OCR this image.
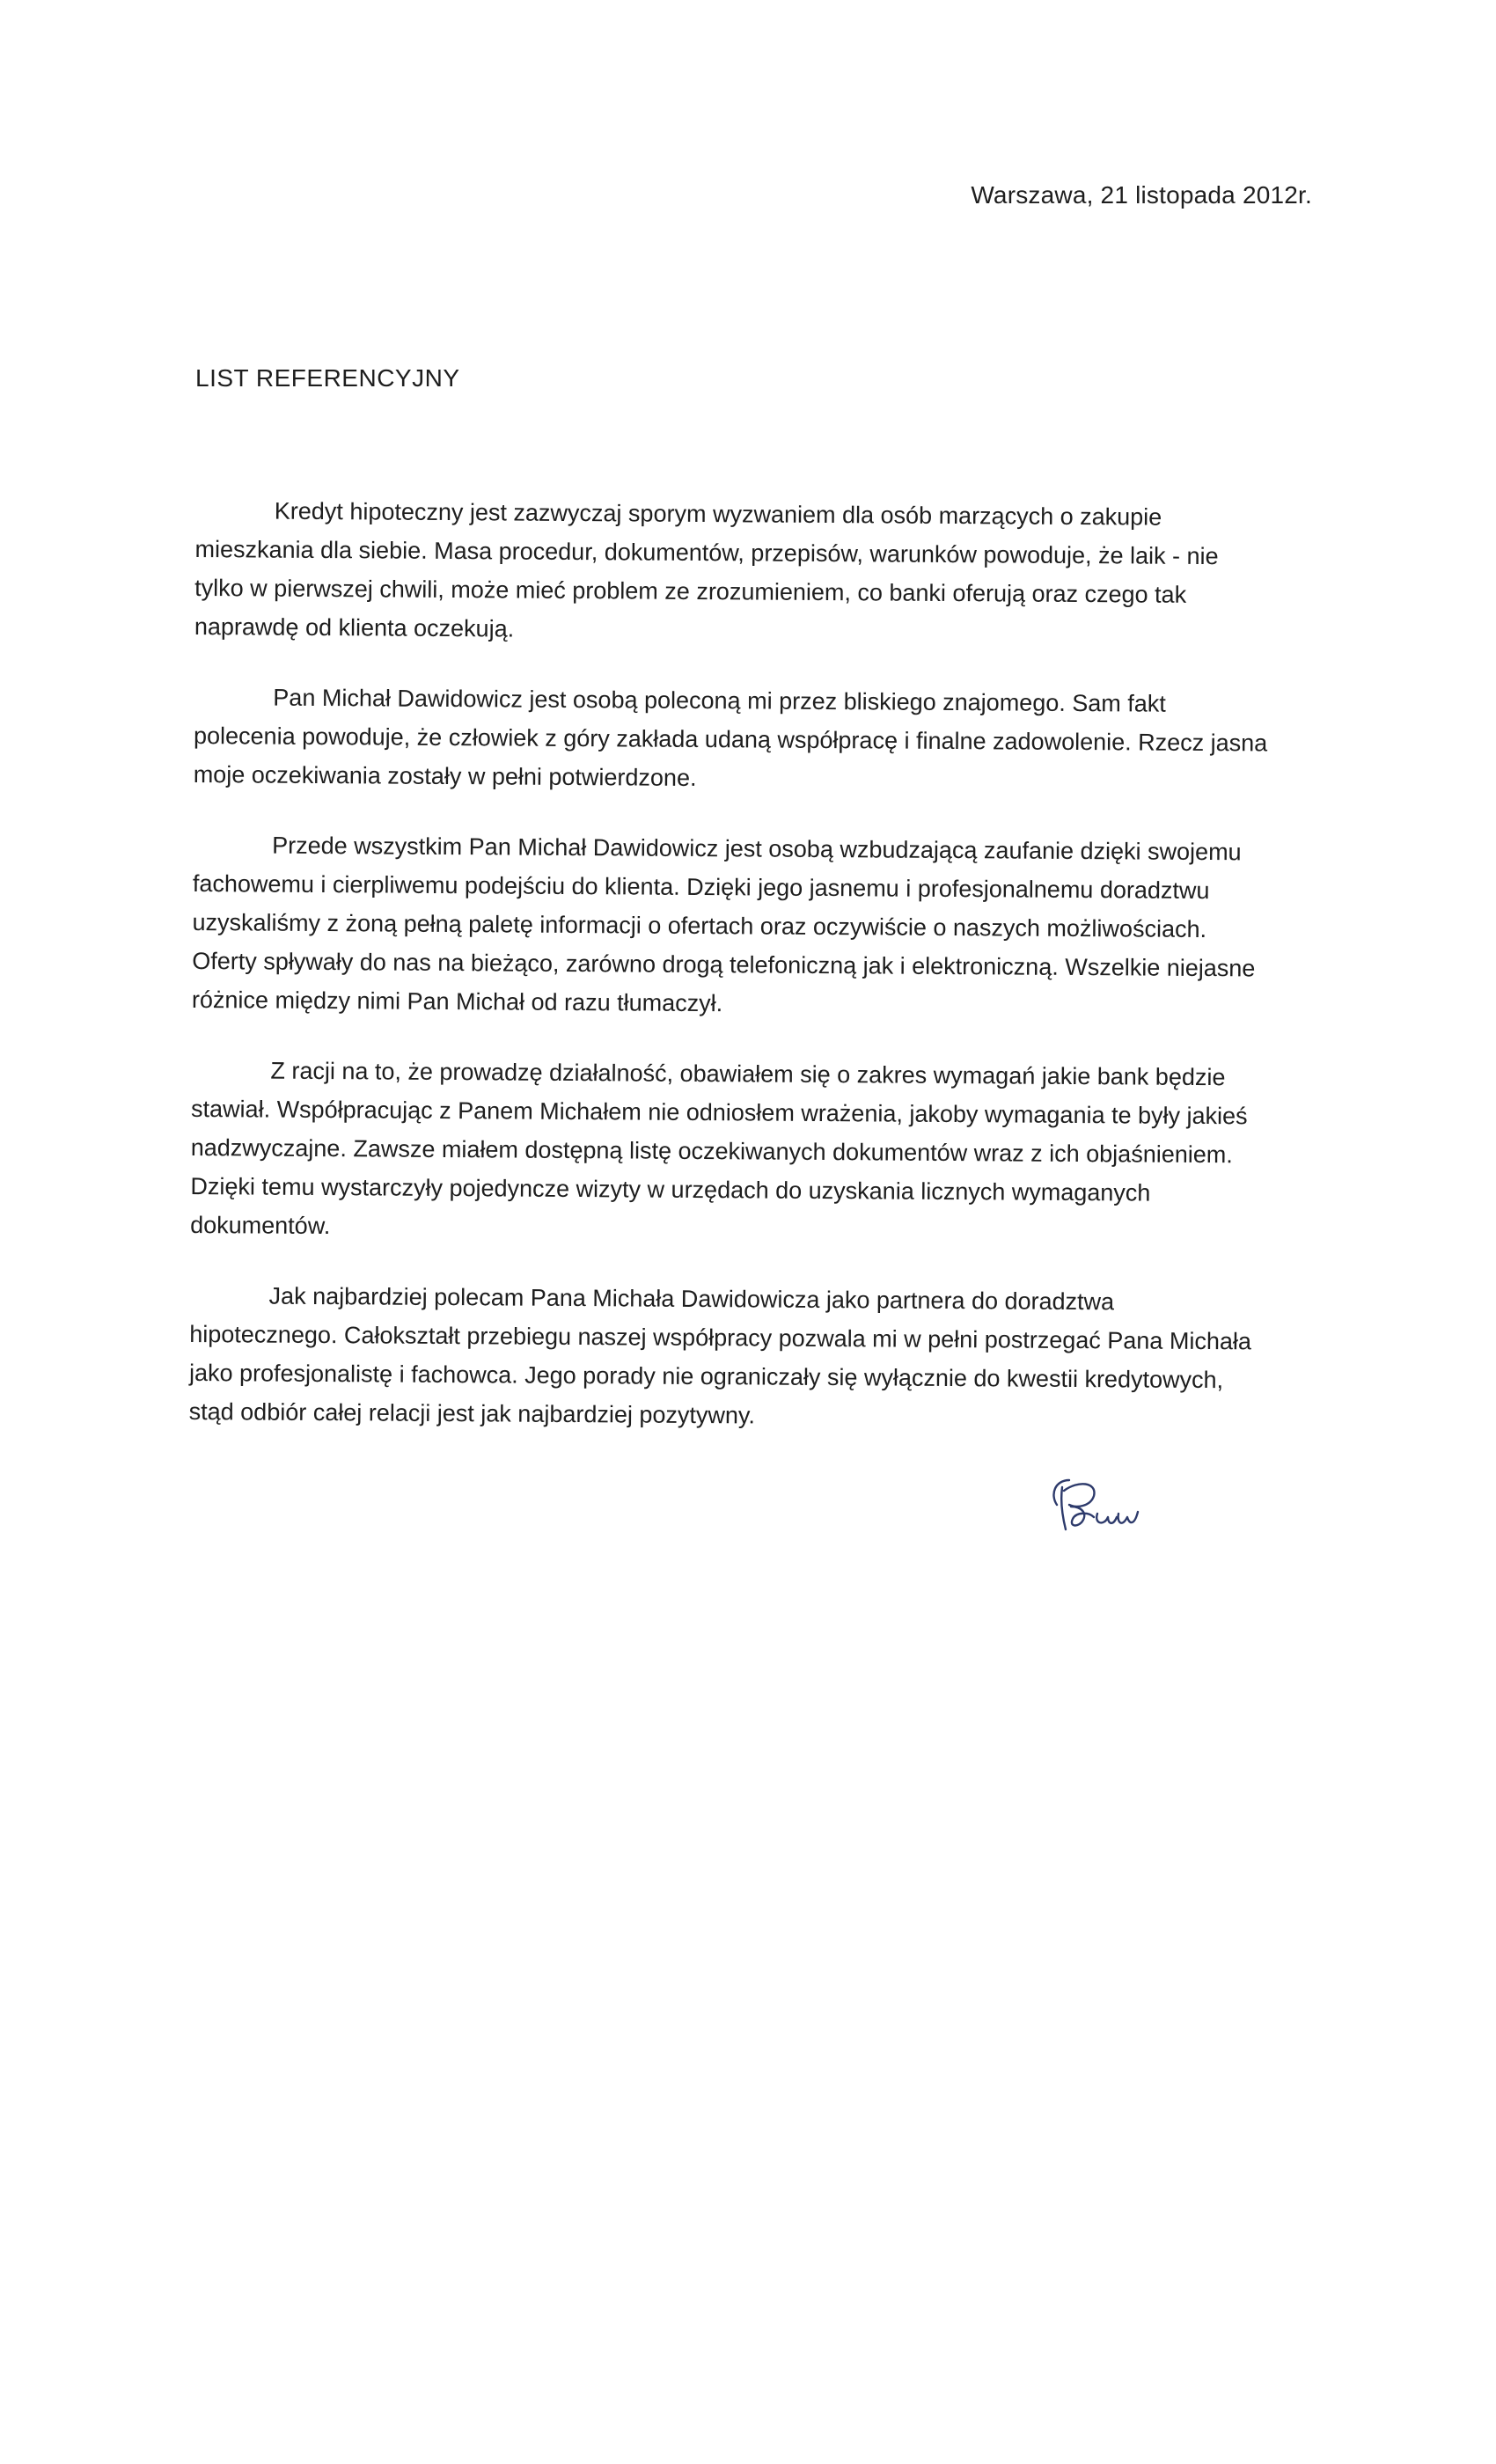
Warszawa, 21 listopada 2012r.
LIST REFERENCYJNY

Kredyt hipoteczny jest zazwyczaj sporym wyzwaniem dla osób marzących o zakupie
mieszkania dla siebie. Masa procedur, dokumentów, przepisów, warunków powoduje, że laik - nie
tylko w pierwszej chwili, może mieć problem ze zrozumieniem, co banki oferują oraz czego tak
naprawdę od klienta oczekują.

Pan Michał Dawidowicz jest osobą poleconą mi przez bliskiego znajomego. Sam fakt
polecenia powoduje, że człowiek z góry zakłada udaną współpracę i finalne zadowolenie. Rzecz jasna
moje oczekiwania zostały w pełni potwierdzone.

Przede wszystkim Pan Michał Dawidowicz jest osobą wzbudzającą zaufanie dzięki swojemu
fachowemu i cierpliwemu podejściu do klienta. Dzięki jego jasnemu i profesjonalnemu doradztwu
uzyskaliśmy z żoną pełną paletę informacji o ofertach oraz oczywiście o naszych możliwościach.
Oferty spływały do nas na bieżąco, zarówno drogą telefoniczną jak i elektroniczną. Wszelkie niejasne
różnice między nimi Pan Michał od razu tłumaczył.

Z racji na to, że prowadzę działalność, obawiałem się o zakres wymagań jakie bank będzie
stawiał. Współpracując z Panem Michałem nie odniosłem wrażenia, jakoby wymagania te były jakieś
nadzwyczajne. Zawsze miałem dostępną listę oczekiwanych dokumentów wraz z ich objaśnieniem.
Dzięki temu wystarczyły pojedyncze wizyty w urzędach do uzyskania licznych wymaganych
dokumentów.

Jak najbardziej polecam Pana Michała Dawidowicza jako partnera do doradztwa
hipotecznego. Całokształt przebiegu naszej współpracy pozwala mi w pełni postrzegać Pana Michała
jako profesjonalistę i fachowca. Jego porady nie ograniczały się wyłącznie do kwestii kredytowych,
stąd odbiór całej relacji jest jak najbardziej pozytywny.
